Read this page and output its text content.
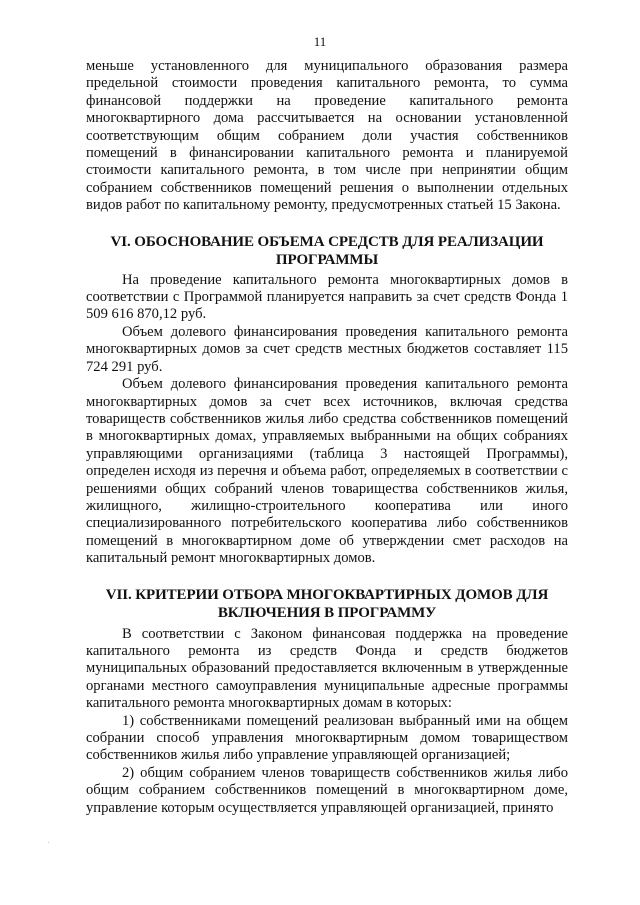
11

меньше установленного для муниципального образования размера предельной стоимости проведения капитального ремонта, то сумма финансовой поддержки на проведение капитального ремонта многоквартирного дома рассчитывается на основании установленной соответствующим общим собранием доли участия собственников помещений в финансировании капитального ремонта и планируемой стоимости капитального ремонта, в том числе при непринятии общим собранием собственников помещений решения о выполнении отдельных видов работ по капитальному ремонту, предусмотренных статьей 15 Закона.

VI. ОБОСНОВАНИЕ ОБЪЕМА СРЕДСТВ ДЛЯ РЕАЛИЗАЦИИ ПРОГРАММЫ

На проведение капитального ремонта многоквартирных домов в соответствии с Программой планируется направить за счет средств Фонда 1 509 616 870,12 руб.

Объем долевого финансирования проведения капитального ремонта многоквартирных домов за счет средств местных бюджетов составляет 115 724 291 руб.

Объем долевого финансирования проведения капитального ремонта многоквартирных домов за счет всех источников, включая средства товариществ собственников жилья либо средства собственников помещений в многоквартирных домах, управляемых выбранными на общих собраниях управляющими организациями (таблица 3 настоящей Программы), определен исходя из перечня и объема работ, определяемых в соответствии с решениями общих собраний членов товарищества собственников жилья, жилищного, жилищно-строительного кооператива или иного специализированного потребительского кооператива либо собственников помещений в многоквартирном доме об утверждении смет расходов на капитальный ремонт многоквартирных домов.

VII. КРИТЕРИИ ОТБОРА МНОГОКВАРТИРНЫХ ДОМОВ ДЛЯ ВКЛЮЧЕНИЯ В ПРОГРАММУ

В соответствии с Законом финансовая поддержка на проведение капитального ремонта из средств Фонда и средств бюджетов муниципальных образований предоставляется включенным в утвержденные органами местного самоуправления муниципальные адресные программы капитального ремонта многоквартирных домам в которых:

1) собственниками помещений реализован выбранный ими на общем собрании способ управления многоквартирным домом товариществом собственников жилья либо управление управляющей организацией;

2) общим собранием членов товариществ собственников жилья либо общим собранием собственников помещений в многоквартирном доме, управление которым осуществляется управляющей организацией, принято
